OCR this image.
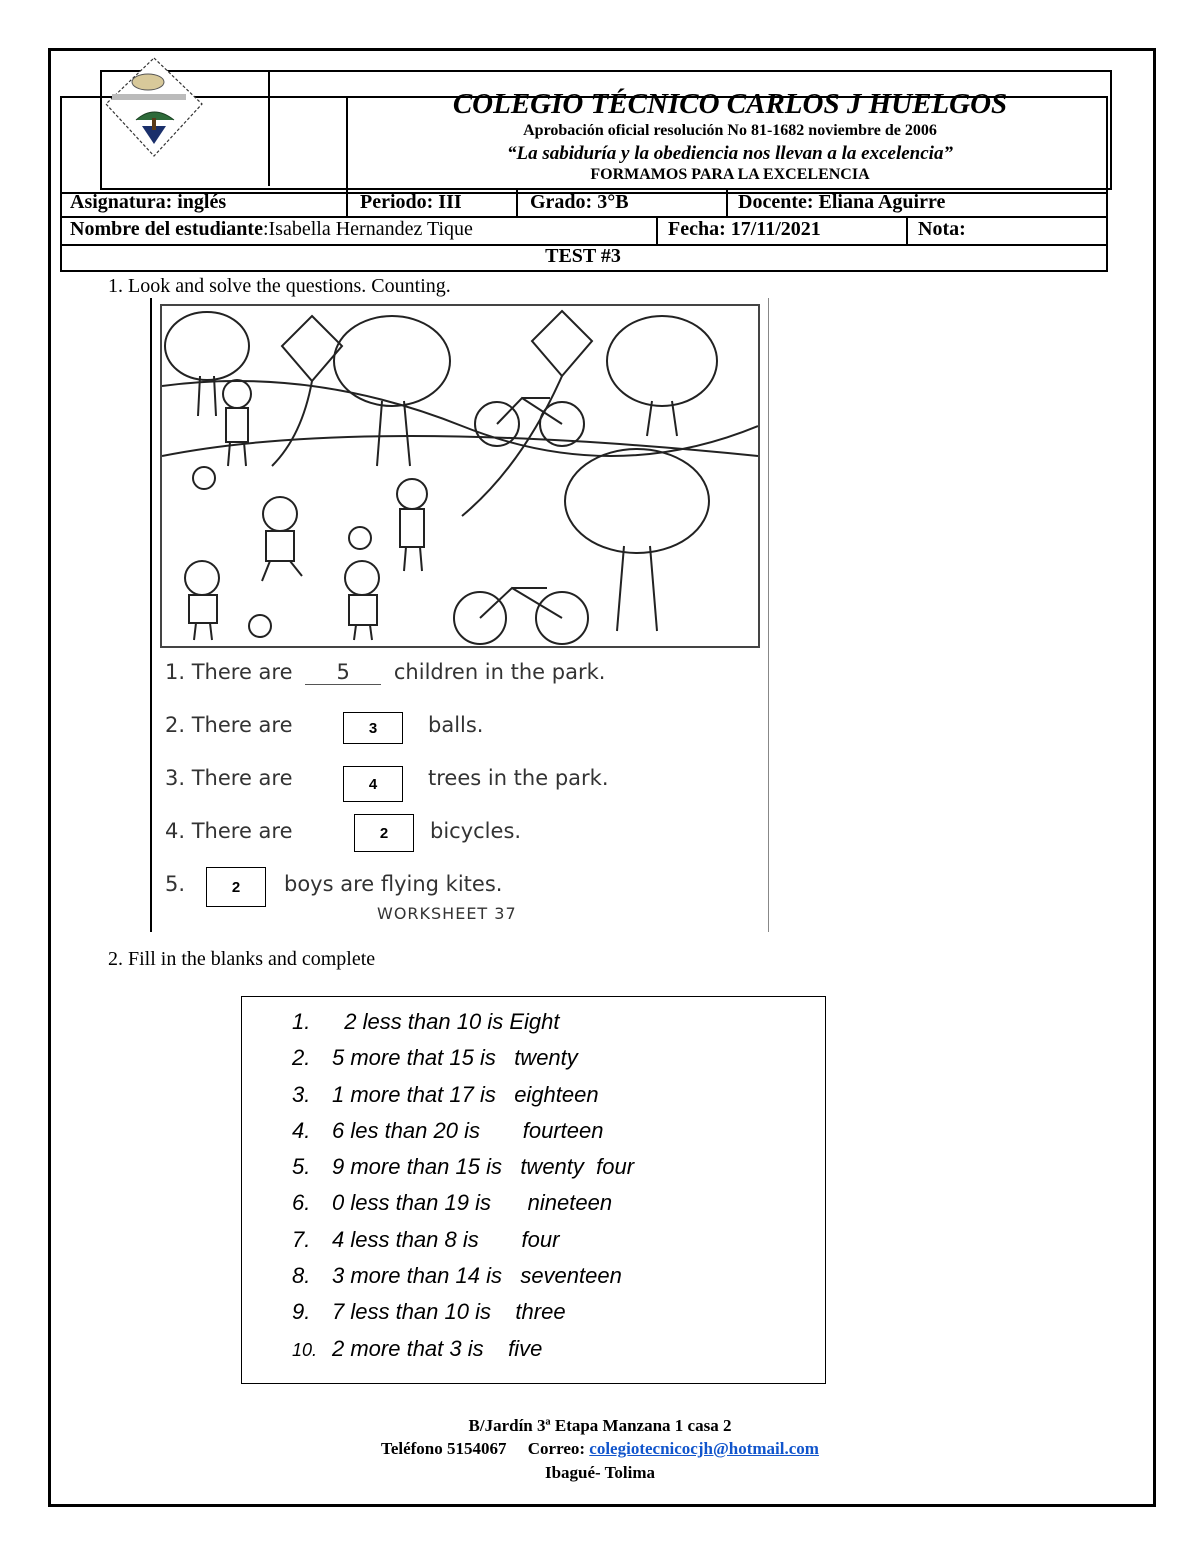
COLEGIO TÉCNICO CARLOS J HUELGOS
Aprobación oficial resolución No 81-1682 noviembre de 2006
“La sabiduría y la obediencia nos llevan a la excelencia”
FORMAMOS PARA LA EXCELENCIA
Asignatura: inglés	Periodo: III	Grado: 3°B	Docente: Eliana Aguirre
Nombre del estudiante:Isabella Hernandez Tique	Fecha: 17/11/2021	Nota:
TEST #3
1. Look and solve the questions. Counting.
1. There are 5 children in the park.
2. There are	3	balls.
3. There are	4	trees in the park.
4. There are	2	bicycles.
5.	2	boys are flying kites.
WORKSHEET 37
2. Fill in the blanks and complete
1.  2 less than 10 is Eight
2. 5 more that 15 is   twenty
3. 1 more that 17 is   eighteen
4. 6 les than 20 is       fourteen
5. 9 more than 15 is   twenty  four
6. 0 less than 19 is      nineteen
7. 4 less than 8 is       four
8. 3 more than 14 is   seventeen
9. 7 less than 10 is    three
10. 2 more that 3 is    five
B/Jardín 3ª Etapa Manzana 1 casa 2
Teléfono 5154067     Correo: colegiotecnicocjh@hotmail.com
Ibagué- Tolima
